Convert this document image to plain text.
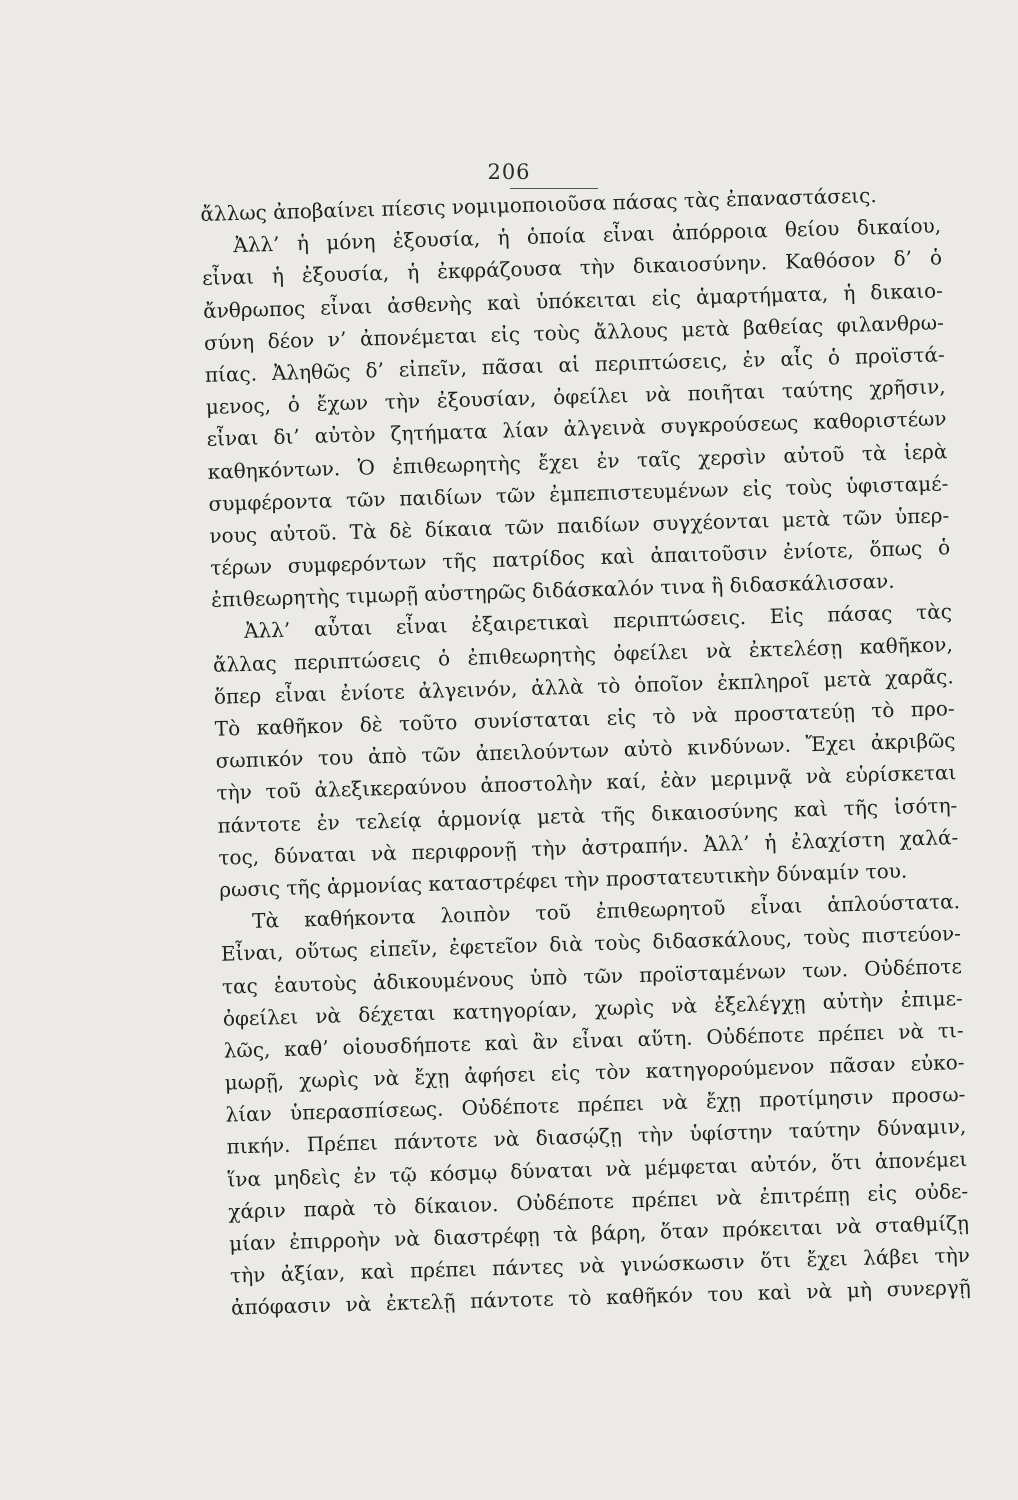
206
ἄλλως ἀποβαίνει πίεσις νομιμοποιοῦσα πάσας τὰς ἐπαναστάσεις.
Ἀλλ’ ἡ μόνη ἐξουσία, ἡ ὁποία εἶναι ἀπόρροια θείου δικαίου,
εἶναι ἡ ἐξουσία, ἡ ἐκφράζουσα τὴν δικαιοσύνην. Καθόσον δ’ ὁ
ἄνθρωπος εἶναι ἀσθενὴς καὶ ὑπόκειται εἰς ἁμαρτήματα, ἡ δικαιο-
σύνη δέον ν’ ἀπονέμεται εἰς τοὺς ἄλλους μετὰ βαθείας φιλανθρω-
πίας. Ἀληθῶς δ’ εἰπεῖν, πᾶσαι αἱ περιπτώσεις, ἐν αἷς ὁ προϊστά-
μενος, ὁ ἔχων τὴν ἐξουσίαν, ὀφείλει νὰ ποιῆται ταύτης χρῆσιν,
εἶναι δι’ αὐτὸν ζητήματα λίαν ἀλγεινὰ συγκρούσεως καθοριστέων
καθηκόντων. Ὁ ἐπιθεωρητὴς ἔχει ἐν ταῖς χερσὶν αὐτοῦ τὰ ἱερὰ
συμφέροντα τῶν παιδίων τῶν ἐμπεπιστευμένων εἰς τοὺς ὑφισταμέ-
νους αὐτοῦ. Τὰ δὲ δίκαια τῶν παιδίων συγχέονται μετὰ τῶν ὑπερ-
τέρων συμφερόντων τῆς πατρίδος καὶ ἀπαιτοῦσιν ἐνίοτε, ὅπως ὁ
ἐπιθεωρητὴς τιμωρῇ αὐστηρῶς διδάσκαλόν τινα ἢ διδασκάλισσαν.
Ἀλλ’ αὗται εἶναι ἐξαιρετικαὶ περιπτώσεις. Εἰς πάσας τὰς
ἄλλας περιπτώσεις ὁ ἐπιθεωρητὴς ὀφείλει νὰ ἐκτελέσῃ καθῆκον,
ὅπερ εἶναι ἐνίοτε ἀλγεινόν, ἀλλὰ τὸ ὁποῖον ἐκπληροῖ μετὰ χαρᾶς.
Τὸ καθῆκον δὲ τοῦτο συνίσταται εἰς τὸ νὰ προστατεύῃ τὸ προ-
σωπικόν του ἀπὸ τῶν ἀπειλούντων αὐτὸ κινδύνων. Ἔχει ἀκριβῶς
τὴν τοῦ ἀλεξικεραύνου ἀποστολὴν καί, ἐὰν μεριμνᾷ νὰ εὑρίσκεται
πάντοτε ἐν τελείᾳ ἁρμονίᾳ μετὰ τῆς δικαιοσύνης καὶ τῆς ἰσότη-
τος, δύναται νὰ περιφρονῇ τὴν ἀστραπήν. Ἀλλ’ ἡ ἐλαχίστη χαλά-
ρωσις τῆς ἁρμονίας καταστρέφει τὴν προστατευτικὴν δύναμίν του.
Τὰ καθήκοντα λοιπὸν τοῦ ἐπιθεωρητοῦ εἶναι ἁπλούστατα.
Εἶναι, οὕτως εἰπεῖν, ἐφετεῖον διὰ τοὺς διδασκάλους, τοὺς πιστεύον-
τας ἑαυτοὺς ἀδικουμένους ὑπὸ τῶν προϊσταμένων των. Οὐδέποτε
ὀφείλει νὰ δέχεται κατηγορίαν, χωρὶς νὰ ἐξελέγχῃ αὐτὴν ἐπιμε-
λῶς, καθ’ οἱουσδήποτε καὶ ἂν εἶναι αὕτη. Οὐδέποτε πρέπει νὰ τι-
μωρῇ, χωρὶς νὰ ἔχῃ ἀφήσει εἰς τὸν κατηγορούμενον πᾶσαν εὐκο-
λίαν ὑπερασπίσεως. Οὐδέποτε πρέπει νὰ ἔχῃ προτίμησιν προσω-
πικήν. Πρέπει πάντοτε νὰ διασῴζῃ τὴν ὑφίστην ταύτην δύναμιν,
ἵνα μηδεὶς ἐν τῷ κόσμῳ δύναται νὰ μέμφεται αὐτόν, ὅτι ἀπονέμει
χάριν παρὰ τὸ δίκαιον. Οὐδέποτε πρέπει νὰ ἐπιτρέπῃ εἰς οὐδε-
μίαν ἐπιρροὴν νὰ διαστρέφῃ τὰ βάρη, ὅταν πρόκειται νὰ σταθμίζῃ
τὴν ἀξίαν, καὶ πρέπει πάντες νὰ γινώσκωσιν ὅτι ἔχει λάβει τὴν
ἀπόφασιν νὰ ἐκτελῇ πάντοτε τὸ καθῆκόν του καὶ νὰ μὴ συνεργῇ
